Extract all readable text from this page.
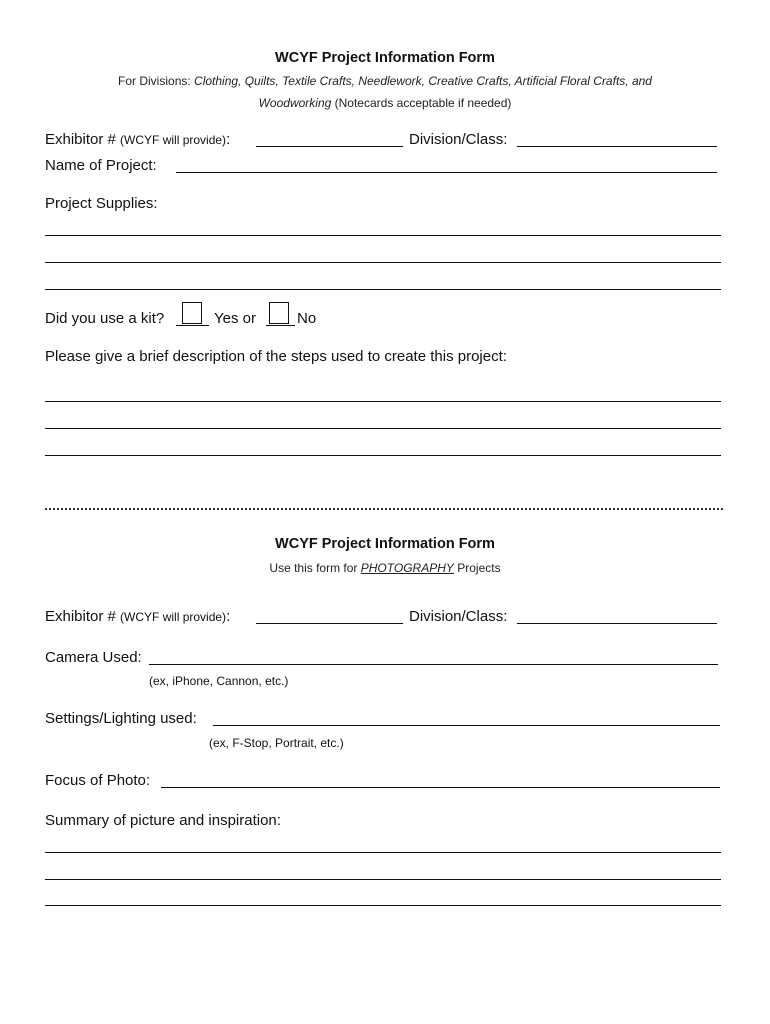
WCYF Project Information Form
For Divisions: Clothing, Quilts, Textile Crafts, Needlework, Creative Crafts, Artificial Floral Crafts, and
Woodworking (Notecards acceptable if needed)
Exhibitor # (WCYF will provide):	Division/Class:
Name of Project:
Project Supplies:
Did you use a kit?	Yes or	No
Please give a brief description of the steps used to create this project:
WCYF Project Information Form
Use this form for PHOTOGRAPHY Projects
Exhibitor # (WCYF will provide):	Division/Class:
Camera Used:
(ex, iPhone, Cannon, etc.)
Settings/Lighting used:
(ex, F-Stop, Portrait, etc.)
Focus of Photo:
Summary of picture and inspiration:
